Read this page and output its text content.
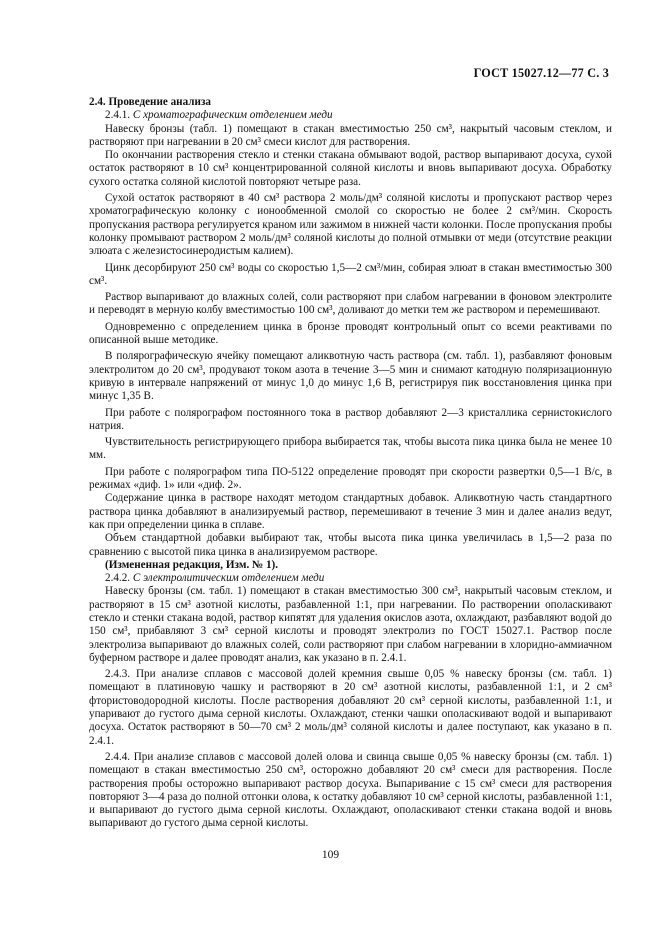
ГОСТ 15027.12—77 С. 3

2.4. Проведение анализа

2.4.1. С хроматографическим отделением меди

Навеску бронзы (табл. 1) помещают в стакан вместимостью 250 см³, накрытый часовым стеклом, и растворяют при нагревании в 20 см³ смеси кислот для растворения.

По окончании растворения стекло и стенки стакана обмывают водой, раствор выпаривают досуха, сухой остаток растворяют в 10 см³ концентрированной соляной кислоты и вновь выпаривают досуха. Обработку сухого остатка соляной кислотой повторяют четыре раза.

Сухой остаток растворяют в 40 см³ раствора 2 моль/дм³ соляной кислоты и пропускают раствор через хроматографическую колонку с ионообменной смолой со скоростью не более 2 см³/мин. Скорость пропускания раствора регулируется краном или зажимом в нижней части колонки. После пропускания пробы колонку промывают раствором 2 моль/дм³ соляной кислоты до полной отмывки от меди (отсутствие реакции элюата с железистосинеродистым калием).

Цинк десорбируют 250 см³ воды со скоростью 1,5—2 см³/мин, собирая элюат в стакан вместимостью 300 см³.

Раствор выпаривают до влажных солей, соли растворяют при слабом нагревании в фоновом электролите и переводят в мерную колбу вместимостью 100 см³, доливают до метки тем же раствором и перемешивают.

Одновременно с определением цинка в бронзе проводят контрольный опыт со всеми реактивами по описанной выше методике.

В полярографическую ячейку помещают аликвотную часть раствора (см. табл. 1), разбавляют фоновым электролитом до 20 см³, продувают током азота в течение 3—5 мин и снимают катодную поляризационную кривую в интервале напряжений от минус 1,0 до минус 1,6 В, регистрируя пик восстановления цинка при минус 1,35 В.

При работе с полярографом постоянного тока в раствор добавляют 2—3 кристаллика сернистокислого натрия.

Чувствительность регистрирующего прибора выбирается так, чтобы высота пика цинка была не менее 10 мм.

При работе с полярографом типа ПО-5122 определение проводят при скорости развертки 0,5—1 В/с, в режимах «диф. 1» или «диф. 2».

Содержание цинка в растворе находят методом стандартных добавок. Аликвотную часть стандартного раствора цинка добавляют в анализируемый раствор, перемешивают в течение 3 мин и далее анализ ведут, как при определении цинка в сплаве.

Объем стандартной добавки выбирают так, чтобы высота пика цинка увеличилась в 1,5—2 раза по сравнению с высотой пика цинка в анализируемом растворе.

(Измененная редакция, Изм. № 1).

2.4.2. С электролитическим отделением меди

Навеску бронзы (см. табл. 1) помещают в стакан вместимостью 300 см³, накрытый часовым стеклом, и растворяют в 15 см³ азотной кислоты, разбавленной 1:1, при нагревании. По растворении ополаскивают стекло и стенки стакана водой, раствор кипятят для удаления окислов азота, охлаждают, разбавляют водой до 150 см³, прибавляют 3 см³ серной кислоты и проводят электролиз по ГОСТ 15027.1. Раствор после электролиза выпаривают до влажных солей, соли растворяют при слабом нагревании в хлоридно-аммиачном буферном растворе и далее проводят анализ, как указано в п. 2.4.1.

2.4.3. При анализе сплавов с массовой долей кремния свыше 0,05 % навеску бронзы (см. табл. 1) помещают в платиновую чашку и растворяют в 20 см³ азотной кислоты, разбавленной 1:1, и 2 см³ фтористоводородной кислоты. После растворения добавляют 20 см³ серной кислоты, разбавленной 1:1, и упаривают до густого дыма серной кислоты. Охлаждают, стенки чашки ополаскивают водой и выпаривают досуха. Остаток растворяют в 50—70 см³ 2 моль/дм³ соляной кислоты и далее поступают, как указано в п. 2.4.1.

2.4.4. При анализе сплавов с массовой долей олова и свинца свыше 0,05 % навеску бронзы (см. табл. 1) помещают в стакан вместимостью 250 см³, осторожно добавляют 20 см³ смеси для растворения. После растворения пробы осторожно выпаривают раствор досуха. Выпаривание с 15 см³ смеси для растворения повторяют 3—4 раза до полной отгонки олова, к остатку добавляют 10 см³ серной кислоты, разбавленной 1:1, и выпаривают до густого дыма серной кислоты. Охлаждают, ополаскивают стенки стакана водой и вновь выпаривают до густого дыма серной кислоты.

109
